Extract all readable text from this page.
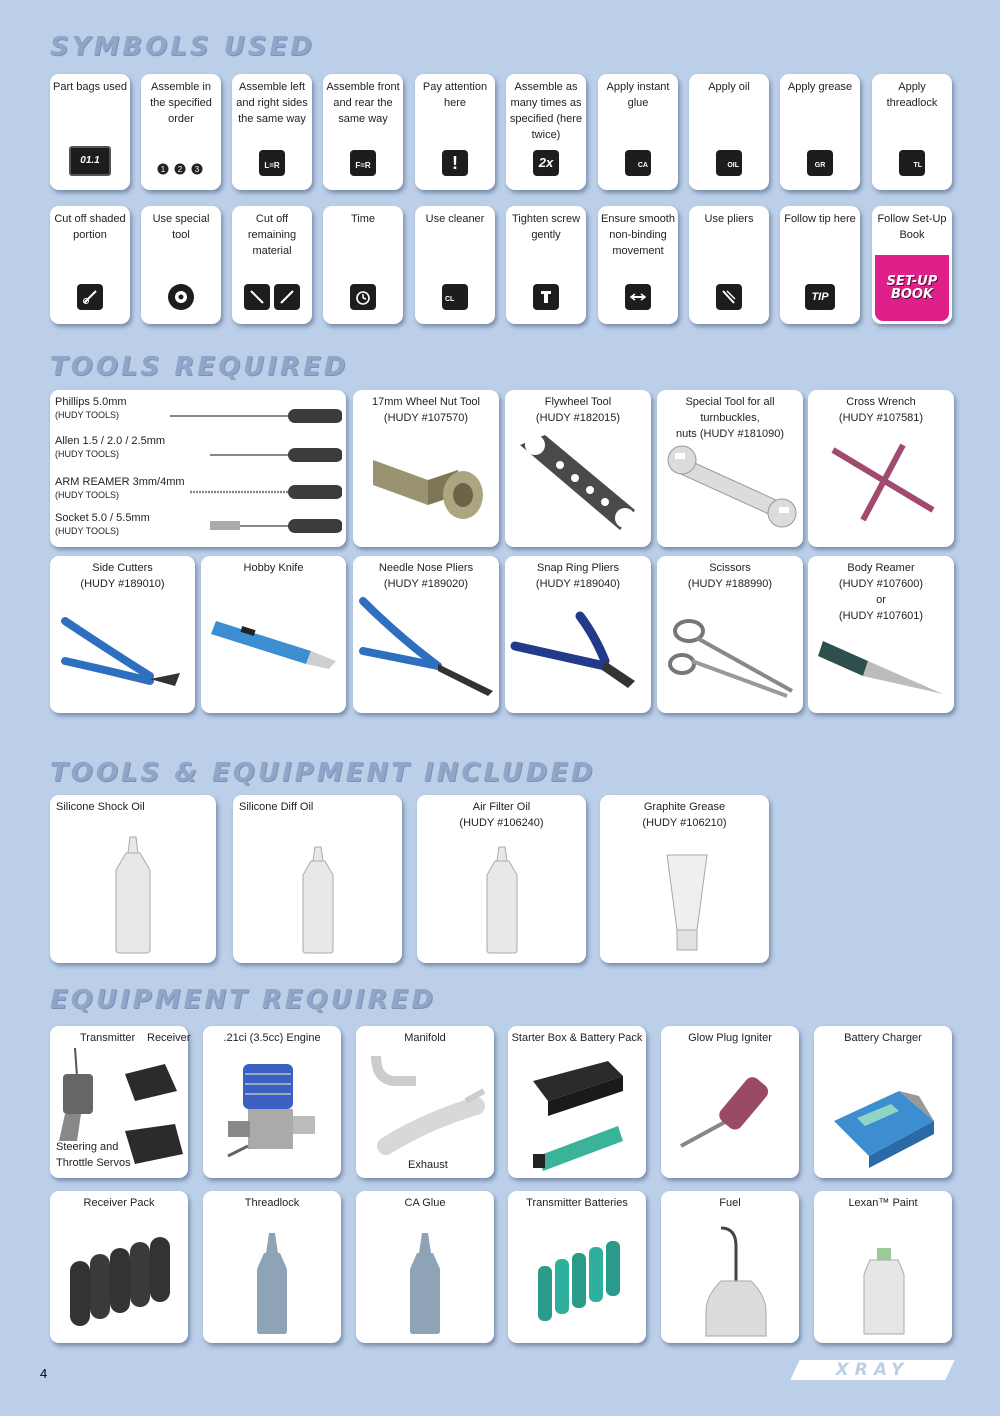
SYMBOLS USED
TOOLS REQUIRED
TOOLS & EQUIPMENT INCLUDED
EQUIPMENT REQUIRED
Part bags used
01.1
Assemble in the specified order
1 2 3
Assemble left and right sides the same way
L=R
Assemble front and rear the same way
F=R
Pay attention here
!
Assemble as many times as specified (here twice)
2x
Apply instant glue
CA
Apply oil
OIL
Apply grease
GR
Apply threadlock
TL
Cut off shaded portion
Use special tool
Cut off remaining material
Time	Use cleaner
CL
Tighten screw gently
Ensure smooth non-binding movement
Use pliers	Follow tip here
TIP
Follow Set-Up Book
SET-UP BOOK
Phillips 5.0mm
(HUDY TOOLS)
Allen 1.5 / 2.0 / 2.5mm
(HUDY TOOLS)
ARM REAMER 3mm/4mm
(HUDY TOOLS)
Socket 5.0 / 5.5mm
(HUDY TOOLS)
17mm Wheel Nut Tool
(HUDY #107570)
Flywheel Tool
(HUDY #182015)
Special Tool for all turnbuckles,
nuts (HUDY #181090)
Cross Wrench
(HUDY #107581)
Side Cutters
(HUDY #189010)
Hobby Knife	Needle Nose Pliers
(HUDY #189020)
Snap Ring Pliers
(HUDY #189040)
Scissors
(HUDY #188990)
Body Reamer
(HUDY #107600)
or
(HUDY #107601)
Silicone Shock Oil	Silicone Diff Oil	Air Filter Oil
(HUDY #106240)
Graphite Grease
(HUDY #106210)
Transmitter Receiver
Steering and
Throttle Servos
.21ci (3.5cc) Engine	Manifold
Exhaust
Starter Box & Battery Pack	Glow Plug Igniter	Battery Charger
Receiver Pack	Threadlock	CA Glue	Transmitter Batteries	Fuel	Lexan™ Paint
4	XRAY
